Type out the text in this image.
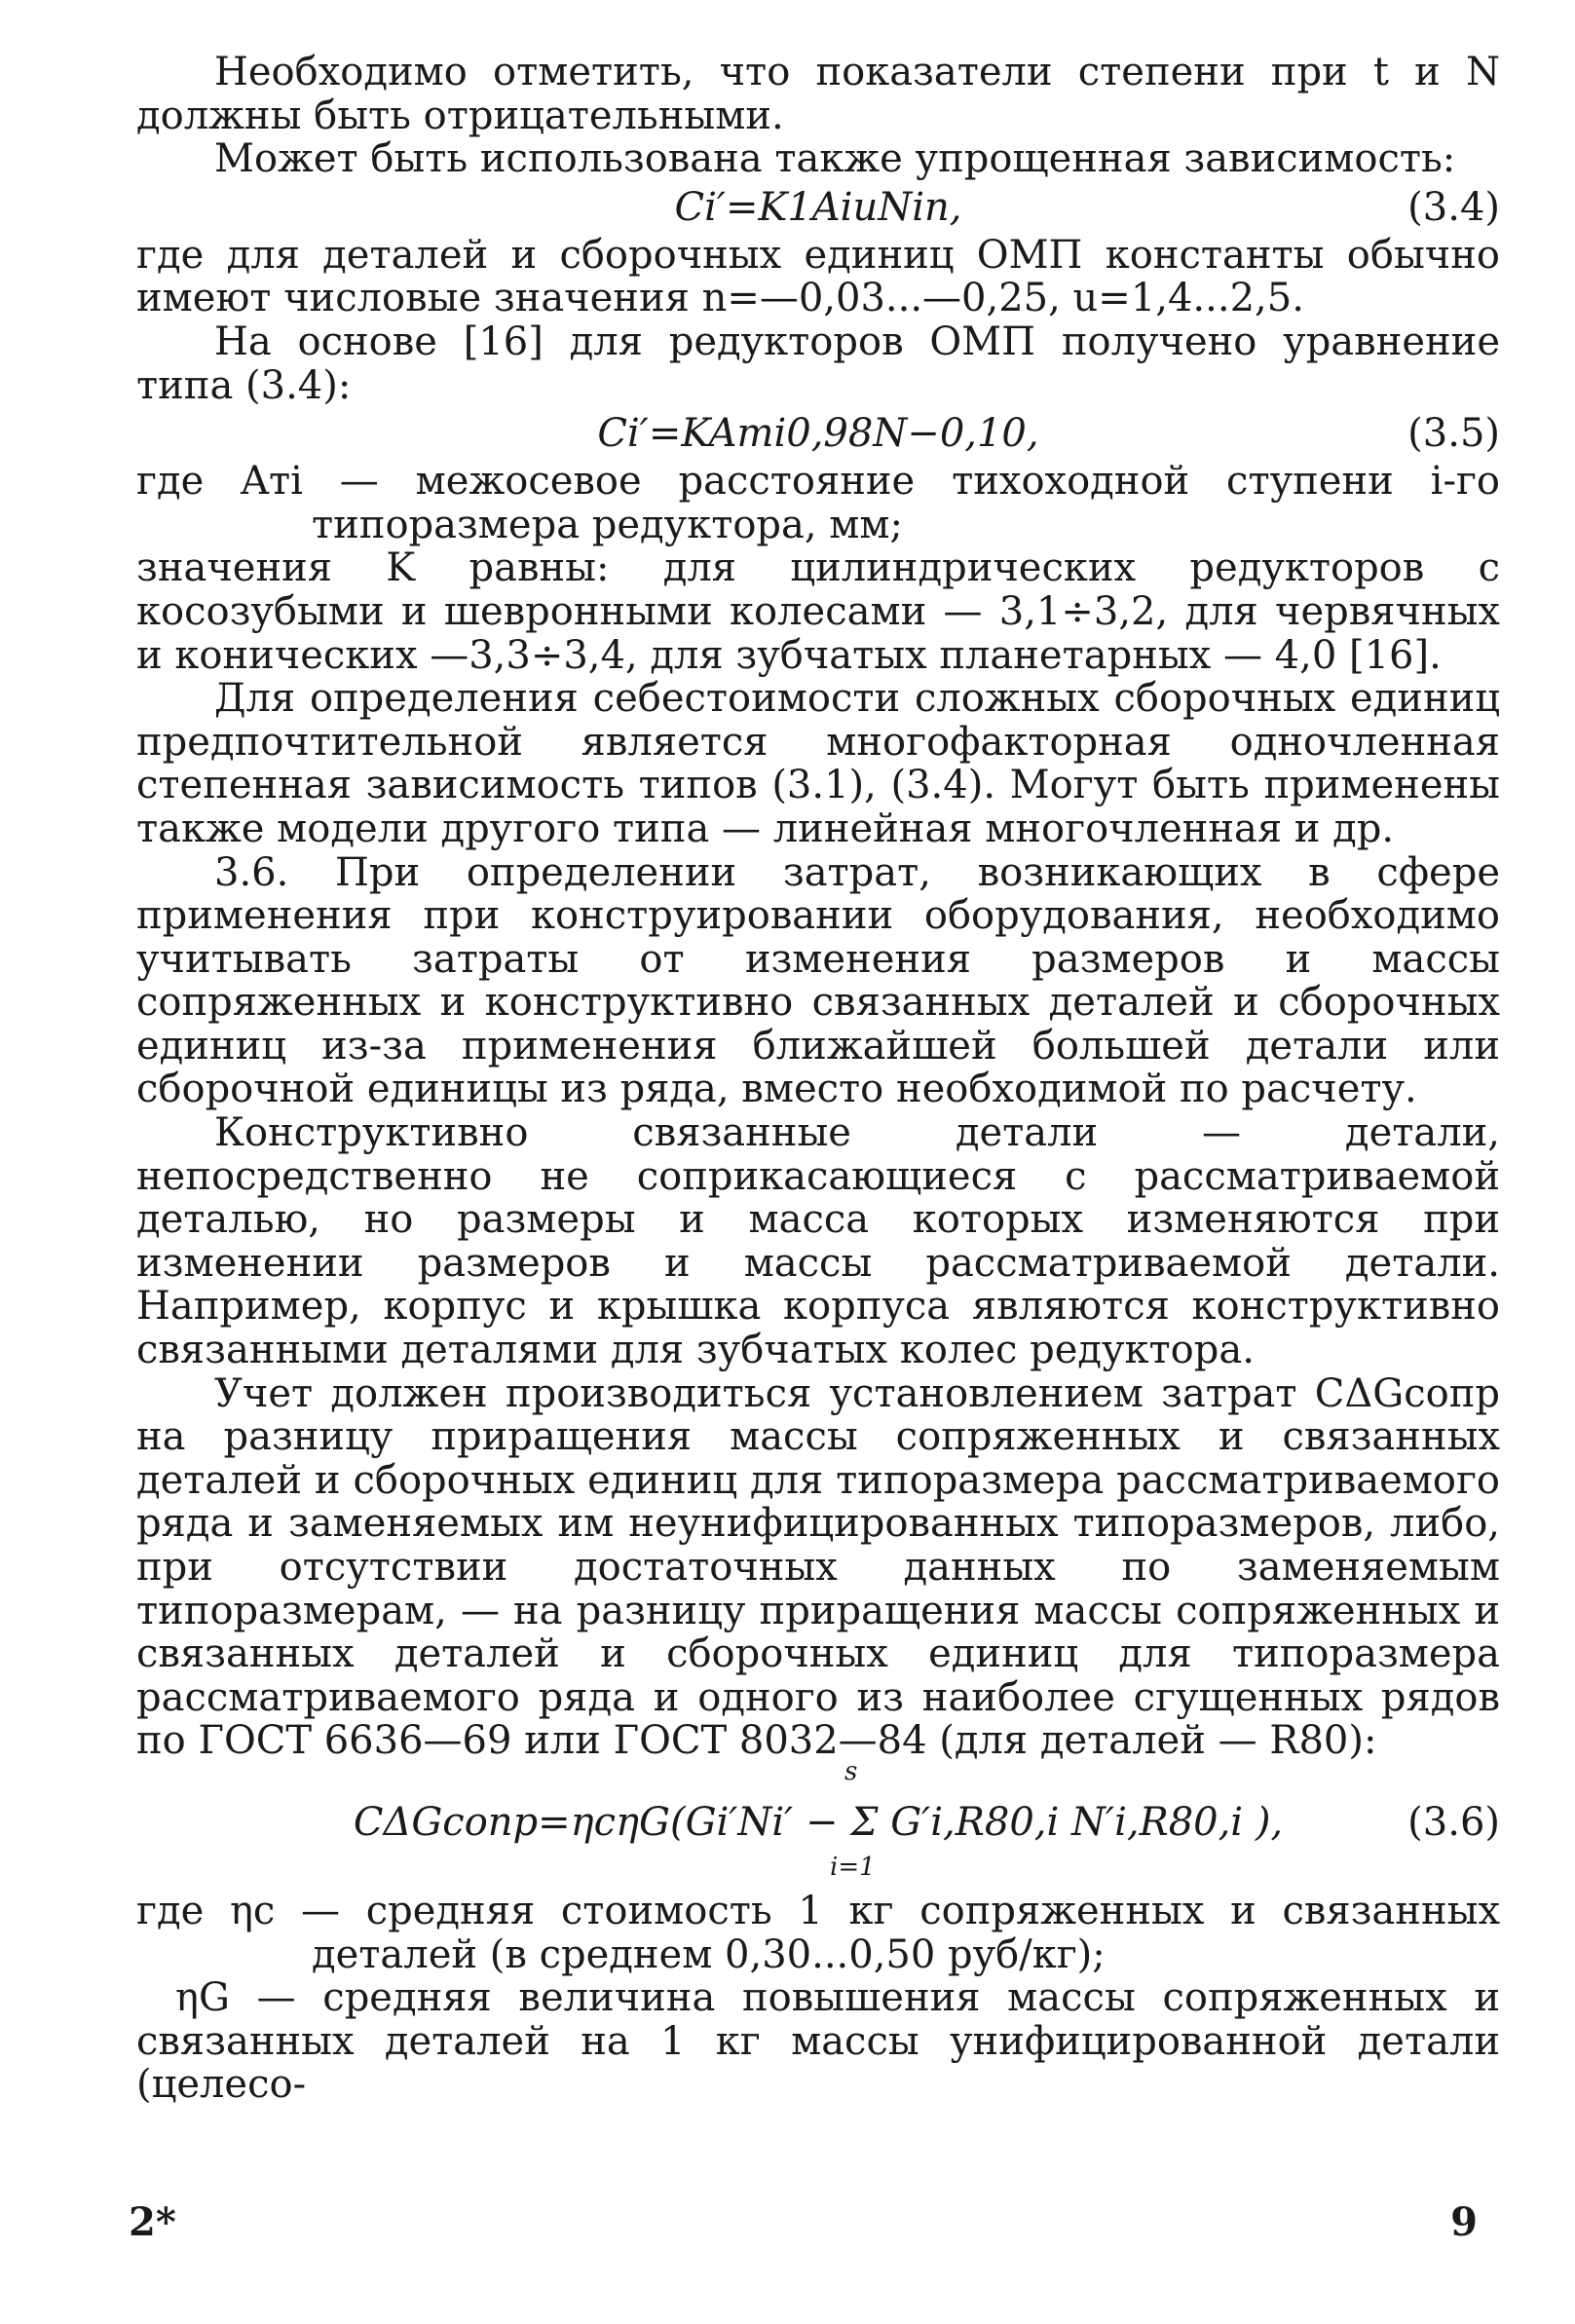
Необходимо отметить, что показатели степени при t и N должны быть отрицательными.

Может быть использована также упрощенная зависимость:

Ci′=K1AiuNin,	(3.4)

где для деталей и сборочных единиц ОМП константы обычно имеют числовые значения n=—0,03...—0,25, u=1,4...2,5.

На основе [16] для редукторов ОМП получено уравнение типа (3.4):

Ci′=KAтi0,98N−0,10,	(3.5)

где Aтi — межосевое расстояние тихоходной ступени i-го типоразмера редуктора, мм;

значения K равны: для цилиндрических редукторов с косозубыми и шевронными колесами — 3,1÷3,2, для червячных и конических —3,3÷3,4, для зубчатых планетарных — 4,0 [16].

Для определения себестоимости сложных сборочных единиц предпочтительной является многофакторная одночленная степенная зависимость типов (3.1), (3.4). Могут быть применены также модели другого типа — линейная многочленная и др.

3.6. При определении затрат, возникающих в сфере применения при конструировании оборудования, необходимо учитывать затраты от изменения размеров и массы сопряженных и конструктивно связанных деталей и сборочных единиц из-за применения ближайшей большей детали или сборочной единицы из ряда, вместо необходимой по расчету.

Конструктивно связанные детали — детали, непосредственно не соприкасающиеся с рассматриваемой деталью, но размеры и масса которых изменяются при изменении размеров и массы рассматриваемой детали. Например, корпус и крышка корпуса являются конструктивно связанными деталями для зубчатых колес редуктора.

Учет должен производиться установлением затрат CΔGсопр на разницу приращения массы сопряженных и связанных деталей и сборочных единиц для типоразмера рассматриваемого ряда и заменяемых им неунифицированных типоразмеров, либо, при отсутствии достаточных данных по заменяемым типоразмерам, — на разницу приращения массы сопряженных и связанных деталей и сборочных единиц для типоразмера рассматриваемого ряда и одного из наиболее сгущенных рядов по ГОСТ 6636—69 или ГОСТ 8032—84 (для деталей — R80):

s
CΔGсопр=ηcηG(Gi′Ni′ − Σ G′i,R80,i N′i,R80,i ),
i=1
(3.6)

где ηc — средняя стоимость 1 кг сопряженных и связанных деталей (в среднем 0,30...0,50 руб/кг);

ηG — средняя величина повышения массы сопряженных и связанных деталей на 1 кг массы унифицированной детали (целесо-

2*	9
